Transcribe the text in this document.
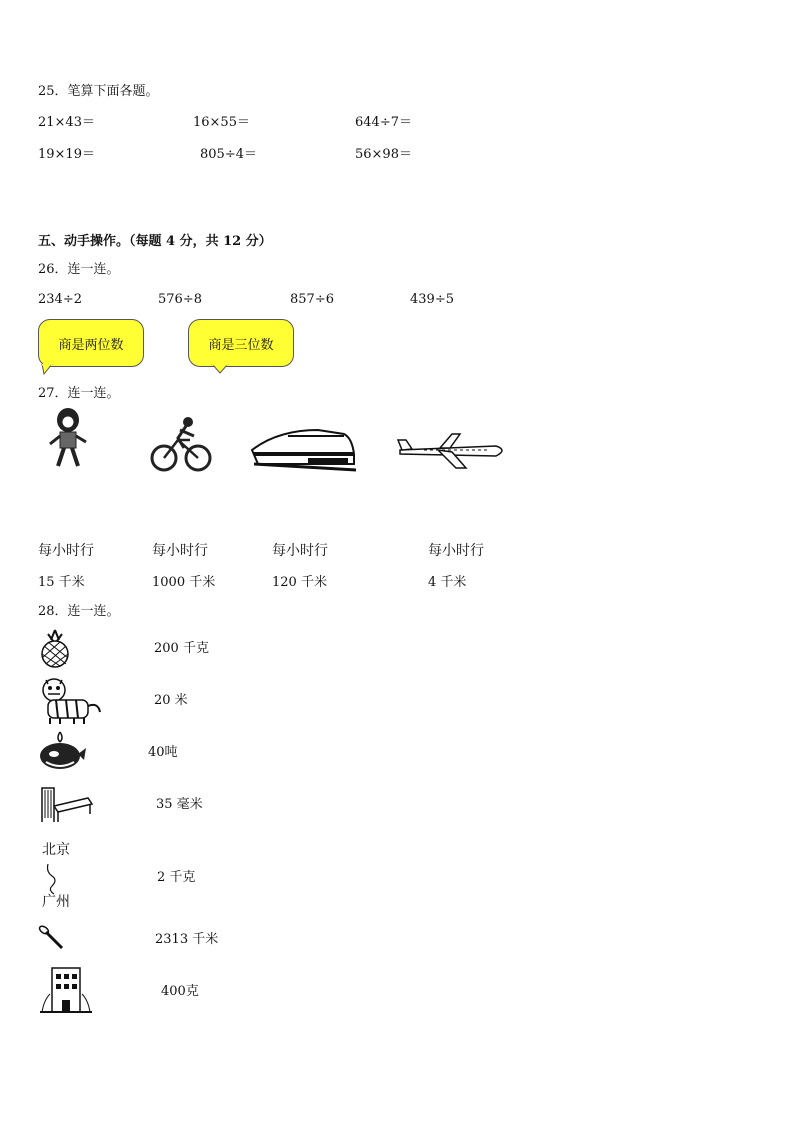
25．笔算下面各题。
21×43＝	16×55＝	644÷7＝
19×19＝	805÷4＝	56×98＝
五、动手操作。（每题 4 分，共 12 分）
26．连一连。
234÷2	576÷8	857÷6	439÷5
商是两位数	商是三位数
27．连一连。
每小时行	每小时行	每小时行	每小时行
15 千米	1000 千米	120 千米	4 千米
28．连一连。
200 千克
20 米
40吨
35 毫米
北京
广州
2 千克
2313 千米
400克
